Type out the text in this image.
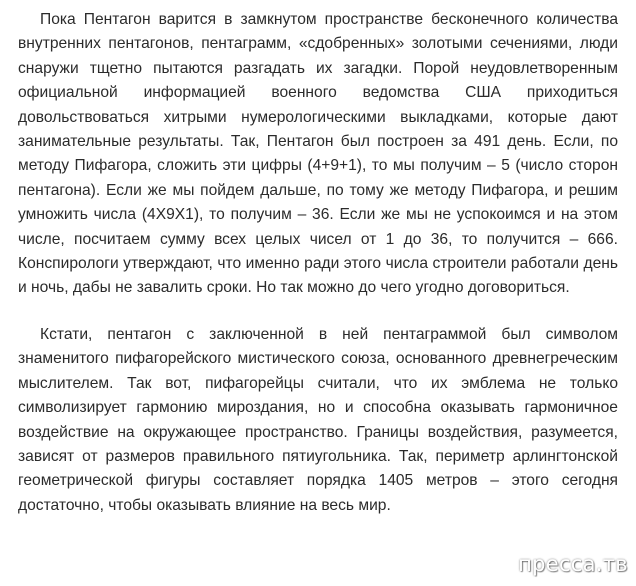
Пока Пентагон варится в замкнутом пространстве бесконечного количества внутренних пентагонов, пентаграмм, «сдобренных» золотыми сечениями, люди снаружи тщетно пытаются разгадать их загадки. Порой неудовлетворенным официальной информацией военного ведомства США приходиться довольствоваться хитрыми нумерологическими выкладками, которые дают занимательные результаты. Так, Пентагон был построен за 491 день. Если, по методу Пифагора, сложить эти цифры (4+9+1), то мы получим – 5 (число сторон пентагона). Если же мы пойдем дальше, по тому же методу Пифагора, и решим умножить числа (4Х9Х1), то получим – 36. Если же мы не успокоимся и на этом числе, посчитаем сумму всех целых чисел от 1 до 36, то получится – 666. Конспирологи утверждают, что именно ради этого числа строители работали день и ночь, дабы не завалить сроки. Но так можно до чего угодно договориться.

Кстати, пентагон с заключенной в ней пентаграммой был символом знаменитого пифагорейского мистического союза, основанного древнегреческим мыслителем. Так вот, пифагорейцы считали, что их эмблема не только символизирует гармонию мироздания, но и способна оказывать гармоничное воздействие на окружающее пространство. Границы воздействия, разумеется, зависят от размеров правильного пятиугольника. Так, периметр арлингтонской геометрической фигуры составляет порядка 1405 метров – этого сегодня достаточно, чтобы оказывать влияние на весь мир.

пресса.тв
